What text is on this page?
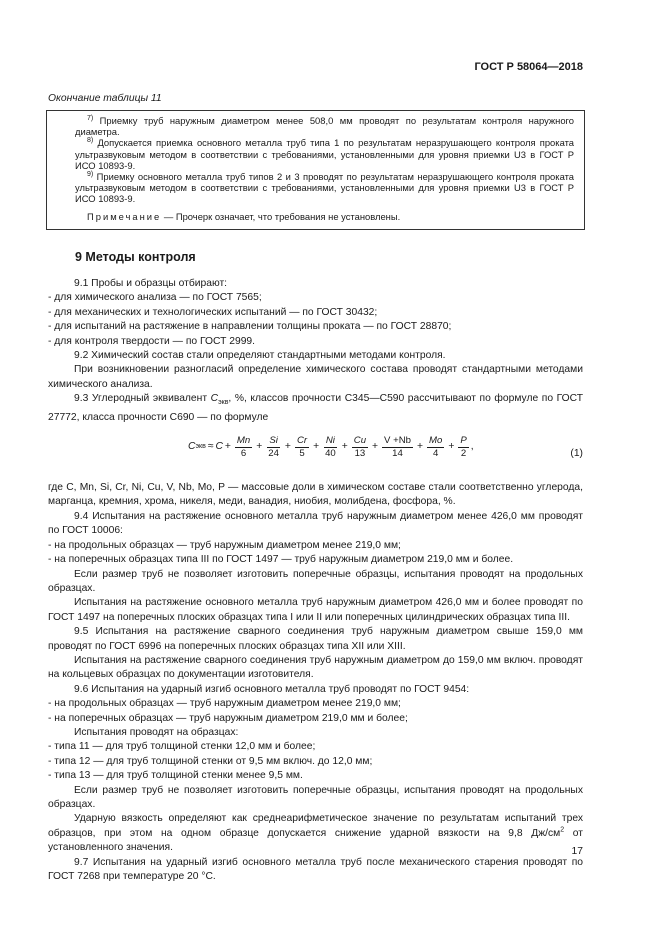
ГОСТ Р 58064—2018
Окончание таблицы 11

$^{7)}$ Приемку труб наружным диаметром менее 508,0 мм проводят по результатам контроля наружного диаметра.

$^{8)}$ Допускается приемка основного металла труб типа 1 по результатам неразрушающего контроля проката ультразвуковым методом в соответствии с требованиями, установленными для уровня приемки U3 в ГОСТ Р ИСО 10893-9.

$^{9)}$ Приемку основного металла труб типов 2 и 3 проводят по результатам неразрушающего контроля проката ультразвуковым методом в соответствии с требованиями, установленными для уровня приемки U3 в ГОСТ Р ИСО 10893-9.

Примечание — Прочерк означает, что требования не установлены.

9 Методы контроля

9.1 Пробы и образцы отбирают:

- для химического анализа — по ГОСТ 7565;

- для механических и технологических испытаний — по ГОСТ 30432;

- для испытаний на растяжение в направлении толщины проката — по ГОСТ 28870;

- для контроля твердости — по ГОСТ 2999.

9.2 Химический состав стали определяют стандартными методами контроля.

При возникновении разногласий определение химического состава проводят стандартными методами химического анализа.

9.3 Углеродный эквивалент $С_{экв}$, %, классов прочности С345—С590 рассчитывают по формуле по ГОСТ 27772, класса прочности С690 — по формуле

С экв ≈ $C + \frac{Mn}{6} + \frac{Si}{24} + \frac{Cr}{5} + \frac{Ni}{40} + \frac{Cu}{13} + \frac{V +Nb}{14} + \frac{Mo}{4} + \frac{P}{2}$ ,
(1)

где C, Mn, Si, Cr, Ni, Cu, V, Nb, Mo, P — массовые доли в химическом составе стали соответственно углерода, марганца, кремния, хрома, никеля, меди, ванадия, ниобия, молибдена, фосфора, %.

9.4 Испытания на растяжение основного металла труб наружным диаметром менее 426,0 мм проводят по ГОСТ 10006:

- на продольных образцах — труб наружным диаметром менее 219,0 мм;

- на поперечных образцах типа III по ГОСТ 1497 — труб наружным диаметром 219,0 мм и более.

Если размер труб не позволяет изготовить поперечные образцы, испытания проводят на продольных образцах.

Испытания на растяжение основного металла труб наружным диаметром 426,0 мм и более проводят по ГОСТ 1497 на поперечных плоских образцах типа I или II или поперечных цилиндрических образцах типа III.

9.5 Испытания на растяжение сварного соединения труб наружным диаметром свыше 159,0 мм проводят по ГОСТ 6996 на поперечных плоских образцах типа XII или XIII.

Испытания на растяжение сварного соединения труб наружным диаметром до 159,0 мм включ. проводят на кольцевых образцах по документации изготовителя.

9.6 Испытания на ударный изгиб основного металла труб проводят по ГОСТ 9454:

- на продольных образцах — труб наружным диаметром менее 219,0 мм;

- на поперечных образцах — труб наружным диаметром 219,0 мм и более;

Испытания проводят на образцах:

- типа 11 — для труб толщиной стенки 12,0 мм и более;

- типа 12 — для труб толщиной стенки от 9,5 мм включ. до 12,0 мм;

- типа 13 — для труб толщиной стенки менее 9,5 мм.

Если размер труб не позволяет изготовить поперечные образцы, испытания проводят на продольных образцах.

Ударную вязкость определяют как среднеарифметическое значение по результатам испытаний трех образцов, при этом на одном образце допускается снижение ударной вязкости на 9,8 $Дж/см^2$ от установленного значения.

9.7 Испытания на ударный изгиб основного металла труб после механического старения проводят по ГОСТ 7268 при температуре 20 °С.

17
